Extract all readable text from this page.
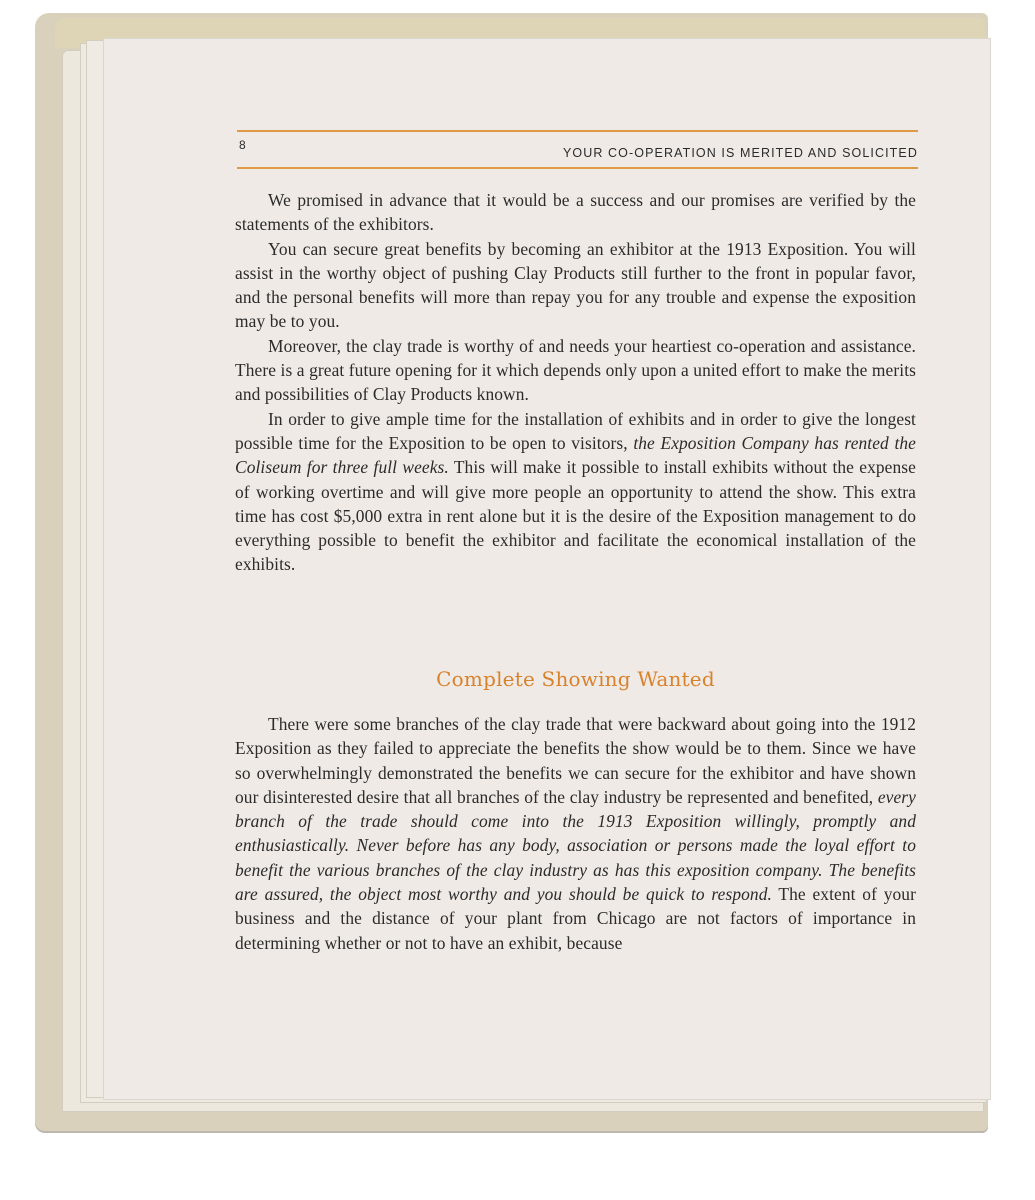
8
YOUR CO-OPERATION IS MERITED AND SOLICITED

We promised in advance that it would be a success and our promises are verified by the statements of the exhibitors.

You can secure great benefits by becoming an exhibitor at the 1913 Exposition. You will assist in the worthy object of pushing Clay Products still further to the front in popular favor, and the personal benefits will more than repay you for any trouble and expense the exposition may be to you.

Moreover, the clay trade is worthy of and needs your heartiest co-operation and assistance. There is a great future opening for it which depends only upon a united effort to make the merits and possibilities of Clay Products known.

In order to give ample time for the installation of exhibits and in order to give the longest possible time for the Exposition to be open to visitors, the Exposition Company has rented the Coliseum for three full weeks. This will make it possible to install exhibits without the expense of working overtime and will give more people an opportunity to attend the show. This extra time has cost $5,000 extra in rent alone but it is the desire of the Exposition management to do everything possible to benefit the exhibitor and facilitate the economical installation of the exhibits.

Complete Showing Wanted

There were some branches of the clay trade that were backward about going into the 1912 Exposition as they failed to appreciate the benefits the show would be to them. Since we have so overwhelmingly demonstrated the benefits we can secure for the exhibitor and have shown our disinterested desire that all branches of the clay industry be represented and benefited, every branch of the trade should come into the 1913 Exposition willingly, promptly and enthusiastically. Never before has any body, association or persons made the loyal effort to benefit the various branches of the clay industry as has this exposition company. The benefits are assured, the object most worthy and you should be quick to respond. The extent of your business and the distance of your plant from Chicago are not factors of importance in determining whether or not to have an exhibit, because
